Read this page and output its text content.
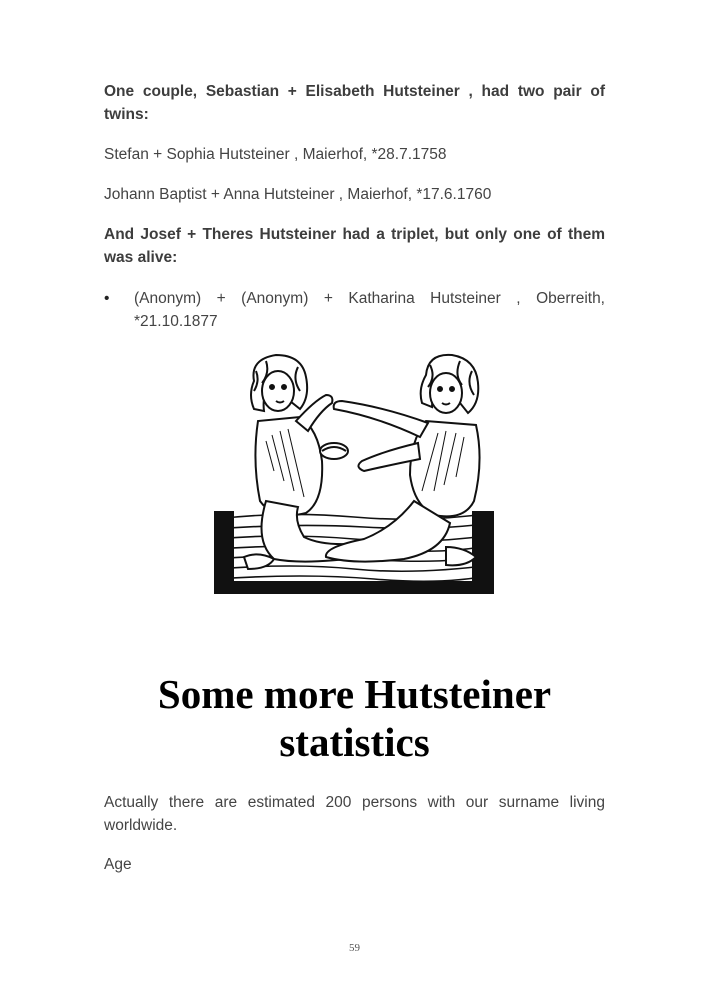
One couple, Sebastian + Elisabeth Hutsteiner , had two pair of twins:
Stefan + Sophia Hutsteiner , Maierhof, *28.7.1758
Johann Baptist + Anna Hutsteiner , Maierhof, *17.6.1760
And Josef + Theres Hutsteiner had a triplet, but only one of them was alive:
•	(Anonym) + (Anonym) + Katharina Hutsteiner , Oberreith, *21.10.1877
Some more Hutsteiner statistics
Actually there are estimated 200 persons with our surname living worldwide.
Age
59
